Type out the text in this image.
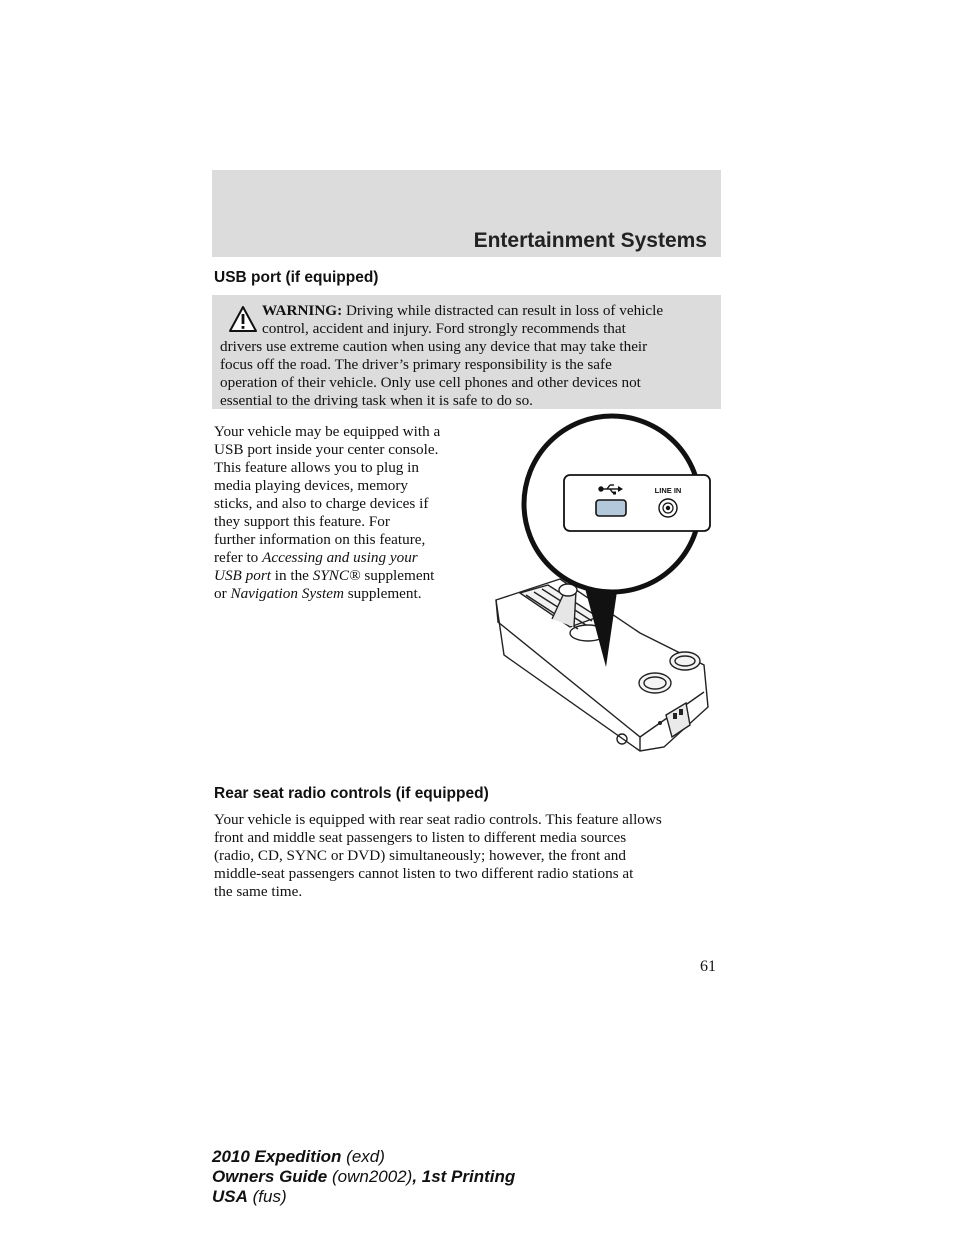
Entertainment Systems
USB port (if equipped)
WARNING: Driving while distracted can result in loss of vehicle
control, accident and injury. Ford strongly recommends that
drivers use extreme caution when using any device that may take their
focus off the road. The driver’s primary responsibility is the safe
operation of their vehicle. Only use cell phones and other devices not
essential to the driving task when it is safe to do so.
Your vehicle may be equipped with a
USB port inside your center console.
This feature allows you to plug in
media playing devices, memory
sticks, and also to charge devices if
they support this feature. For
further information on this feature,
refer to Accessing and using your
USB port in the SYNC® supplement
or Navigation System supplement.
LINE IN
Rear seat radio controls (if equipped)
Your vehicle is equipped with rear seat radio controls. This feature allows
front and middle seat passengers to listen to different media sources
(radio, CD, SYNC or DVD) simultaneously; however, the front and
middle-seat passengers cannot listen to two different radio stations at
the same time.
61
2010 Expedition (exd)
Owners Guide (own2002), 1st Printing
USA (fus)
